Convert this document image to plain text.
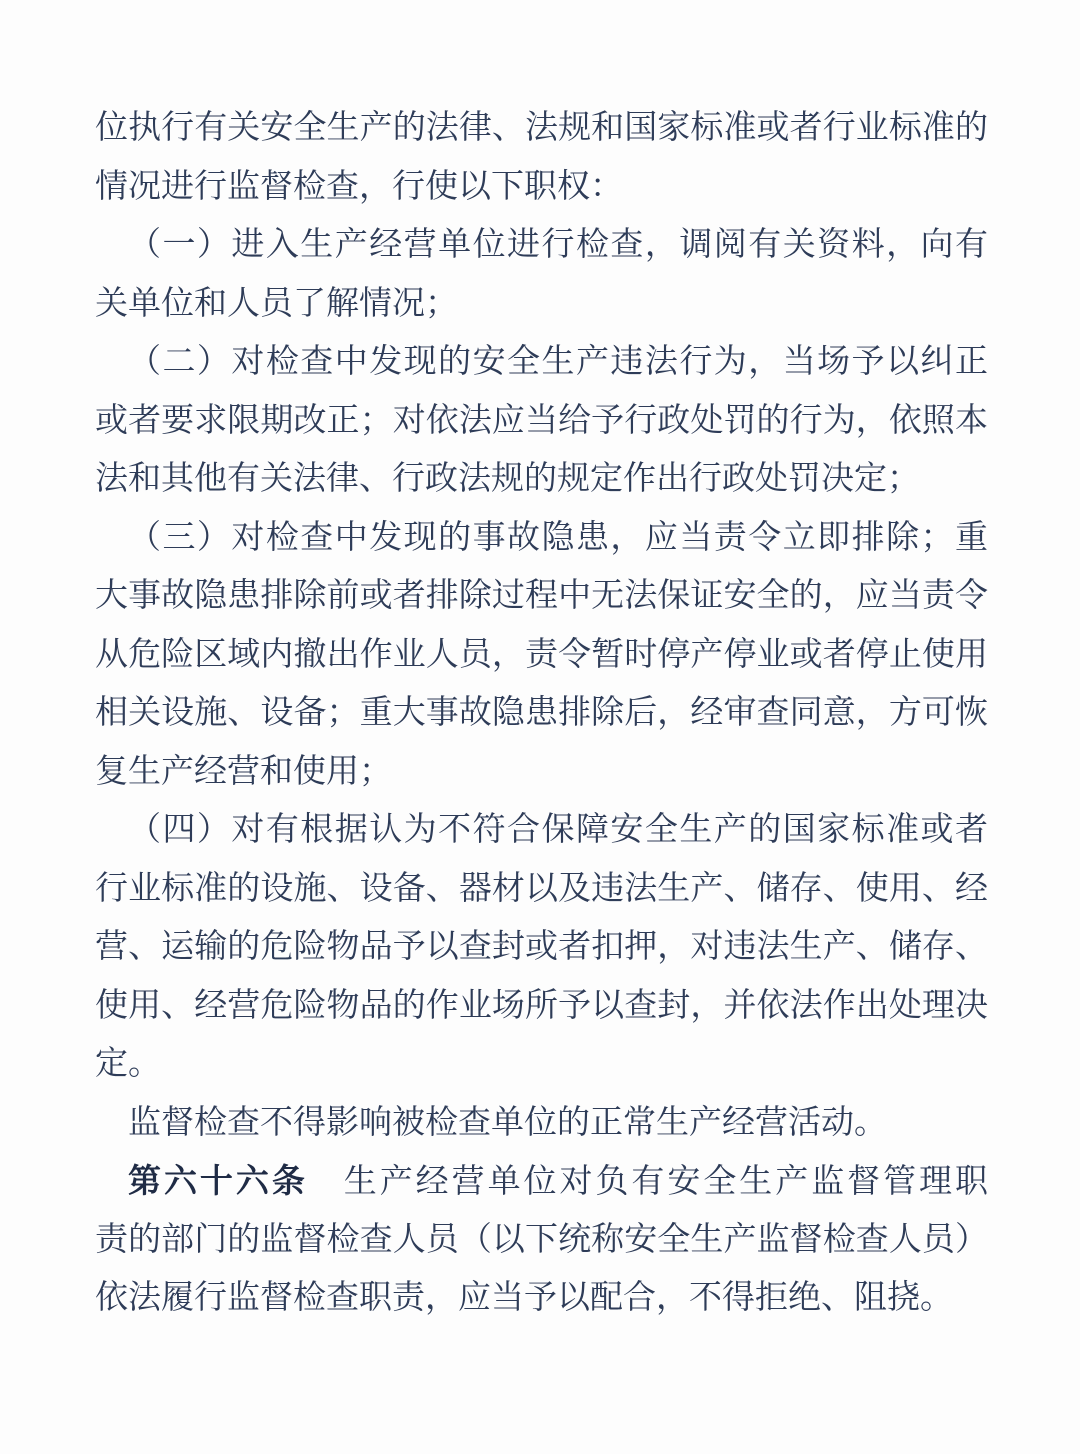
位执行有关安全生产的法律、法规和国家标准或者行业标准的
情况进行监督检查，行使以下职权：
（一）进入生产经营单位进行检查，调阅有关资料，向有
关单位和人员了解情况；
（二）对检查中发现的安全生产违法行为，当场予以纠正
或者要求限期改正；对依法应当给予行政处罚的行为，依照本
法和其他有关法律、行政法规的规定作出行政处罚决定；
（三）对检查中发现的事故隐患，应当责令立即排除；重
大事故隐患排除前或者排除过程中无法保证安全的，应当责令
从危险区域内撤出作业人员，责令暂时停产停业或者停止使用
相关设施、设备；重大事故隐患排除后，经审查同意，方可恢
复生产经营和使用；
（四）对有根据认为不符合保障安全生产的国家标准或者
行业标准的设施、设备、器材以及违法生产、储存、使用、经
营、运输的危险物品予以查封或者扣押，对违法生产、储存、
使用、经营危险物品的作业场所予以查封，并依法作出处理决
定。
监督检查不得影响被检查单位的正常生产经营活动。
第六十六条　生产经营单位对负有安全生产监督管理职
责的部门的监督检查人员（以下统称安全生产监督检查人员）
依法履行监督检查职责，应当予以配合，不得拒绝、阻挠。
